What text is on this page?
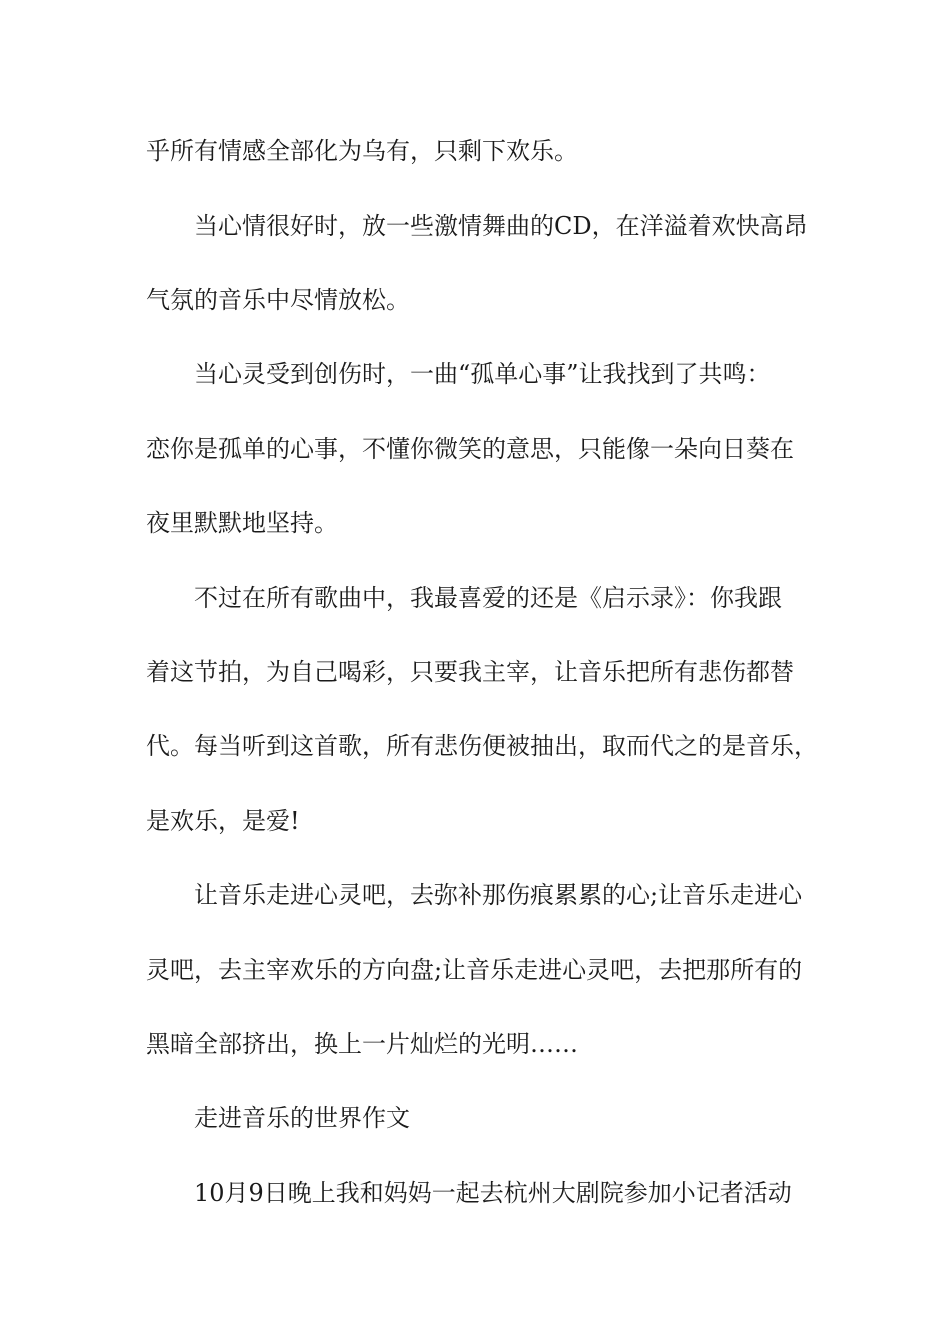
乎所有情感全部化为乌有，只剩下欢乐。

当心情很好时，放一些激情舞曲的CD，在洋溢着欢快高昂

气氛的音乐中尽情放松。

当心灵受到创伤时，一曲“孤单心事”让我找到了共鸣：

恋你是孤单的心事，不懂你微笑的意思，只能像一朵向日葵在

夜里默默地坚持。

不过在所有歌曲中，我最喜爱的还是《启示录》：你我跟

着这节拍，为自己喝彩，只要我主宰，让音乐把所有悲伤都替

代。每当听到这首歌，所有悲伤便被抽出，取而代之的是音乐，

是欢乐，是爱!

让音乐走进心灵吧，去弥补那伤痕累累的心;让音乐走进心

灵吧，去主宰欢乐的方向盘;让音乐走进心灵吧，去把那所有的

黑暗全部挤出，换上一片灿烂的光明……

走进音乐的世界作文

10月9日晚上我和妈妈一起去杭州大剧院参加小记者活动
